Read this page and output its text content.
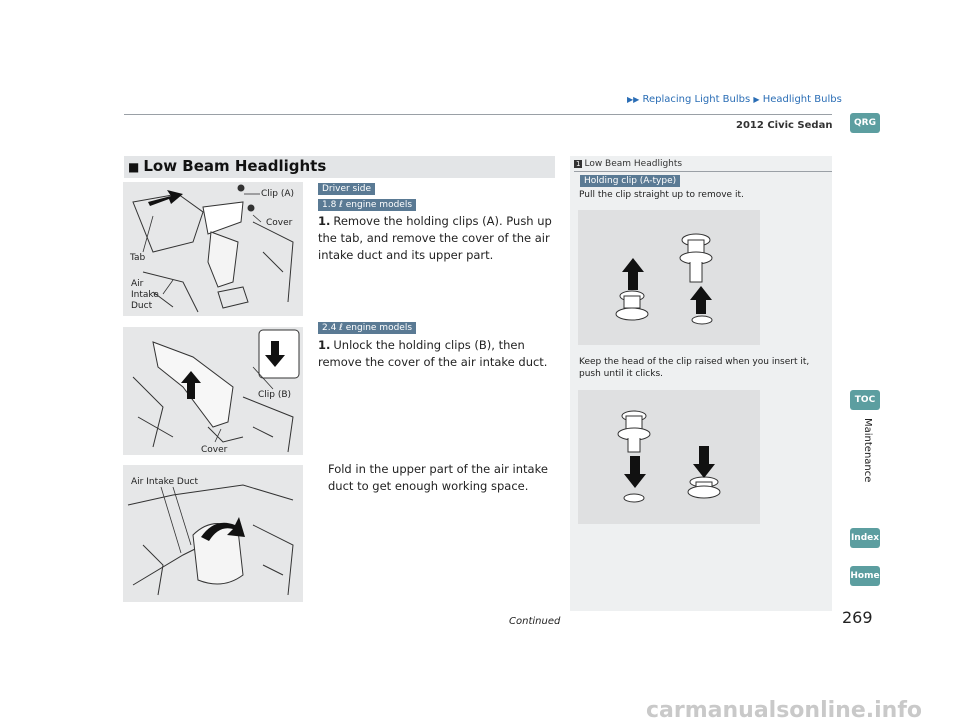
▶▶ Replacing Light Bulbs ▶ Headlight Bulbs
2012 Civic Sedan	QRG
TOC
Maintenance
Index
Home
■ Low Beam Headlights
Clip (A)
Cover
Tab
Air
Intake
Duct
Driver side
1.8 ℓ engine models
1. Remove the holding clips (A). Push up the tab, and remove the cover of the air intake duct and its upper part.
Clip (B)
Cover
2.4 ℓ engine models
1. Unlock the holding clips (B), then remove the cover of the air intake duct.
Air Intake Duct
Fold in the upper part of the air intake duct to get enough working space.
1 Low Beam Headlights
Holding clip (A-type)
Pull the clip straight up to remove it.
Keep the head of the clip raised when you insert it, push until it clicks.
Continued	269
carmanualsonline.info
